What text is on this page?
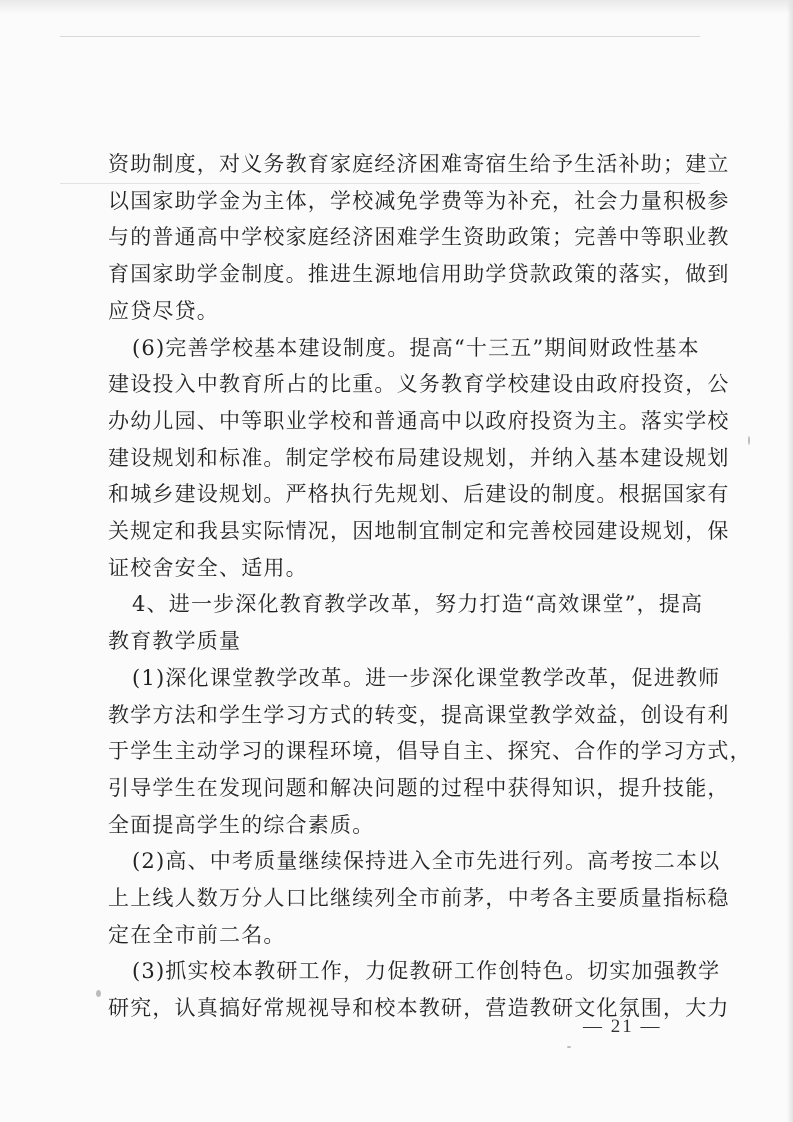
资助制度，对义务教育家庭经济困难寄宿生给予生活补助；建立
以国家助学金为主体，学校减免学费等为补充，社会力量积极参
与的普通高中学校家庭经济困难学生资助政策；完善中等职业教
育国家助学金制度。推进生源地信用助学贷款政策的落实，做到
应贷尽贷。
(6)完善学校基本建设制度。提高“十三五”期间财政性基本
建设投入中教育所占的比重。义务教育学校建设由政府投资，公
办幼儿园、中等职业学校和普通高中以政府投资为主。落实学校
建设规划和标准。制定学校布局建设规划，并纳入基本建设规划
和城乡建设规划。严格执行先规划、后建设的制度。根据国家有
关规定和我县实际情况，因地制宜制定和完善校园建设规划，保
证校舍安全、适用。
4、进一步深化教育教学改革，努力打造“高效课堂”，提高
教育教学质量
(1)深化课堂教学改革。进一步深化课堂教学改革，促进教师
教学方法和学生学习方式的转变，提高课堂教学效益，创设有利
于学生主动学习的课程环境，倡导自主、探究、合作的学习方式，
引导学生在发现问题和解决问题的过程中获得知识，提升技能，
全面提高学生的综合素质。
(2)高、中考质量继续保持进入全市先进行列。高考按二本以
上上线人数万分人口比继续列全市前茅，中考各主要质量指标稳
定在全市前二名。
(3)抓实校本教研工作，力促教研工作创特色。切实加强教学
研究，认真搞好常规视导和校本教研，营造教研文化氛围，大力
— 21 —
